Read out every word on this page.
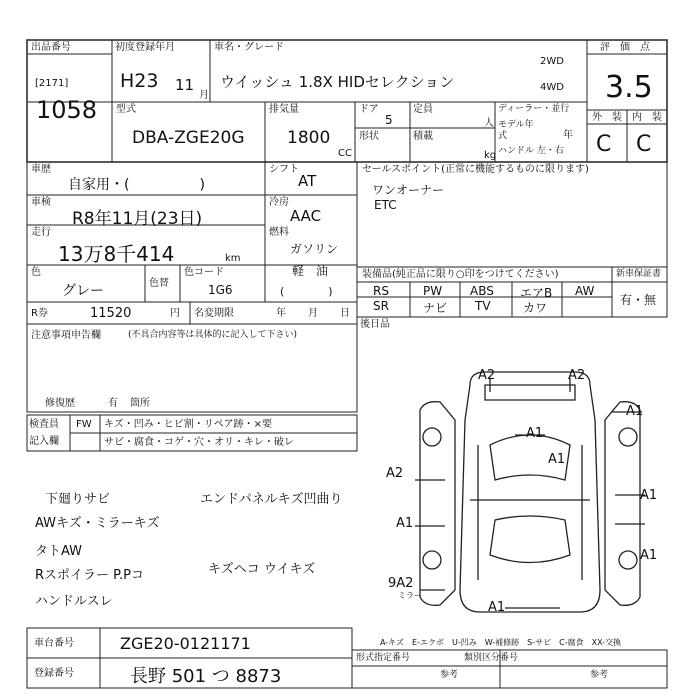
出品番号
[2171]
1058
初度登録年月
H23 11
月
車名・グレード
ウイッシュ 1.8X HIDセレクション
2WD
4WD
評　価　点
3.5
外　装 内　装
C C
型式
DBA-ZGE20G
排気量
1800
CC
ドア
5
形状
定員
人
積載
kg
ディーラー・並行
モデル年式	年
ハンドル 左・右
車歴
自家用・(　　　　　)
シフト
AT
車検
R8年11月(23日)
冷房
AAC
走行
13万8千414	km
燃料
ガソリン
軽　油
(　　　　)
色
グレー	色替
色コード
1G6
R券	11520	円 名変期限	年 月 日
セールスポイント(正常に機能するものに限ります)
ワンオーナー
ETC
装備品(純正品に限り○印をつけてください)	新車保証書
有・無
RS	PW ABS エアB AW
SR	ナビ TV	カワ
後日品
注意事項申告欄	(不具合内容等は具体的に記入して下さい)
修復歴	有 箇所
検査員
記入欄
FW キズ・凹み・ヒビ割・リペア跡・×要
サビ・腐食・コゲ・穴・オリ・キレ・破レ
下廻りサビ	エンドパネルキズ凹曲り
AWキズ・ミラーキズ
タトAW
Rスポイラー P.Pコ	キズヘコ ウイキズ
ハンドルスレ
A2	A2
A1
A1
A1
A2
A1
A1
A1
A1
9A2
ミラー
A-キズ　E-エクボ　U-凹み　W-補修跡　S-サビ　C-腐食　XX-交換
形式指定番号　　　　　　類別区分番号
参考	参考
車台番号	ZGE20-0121171
登録番号	長野 501 つ 8873
